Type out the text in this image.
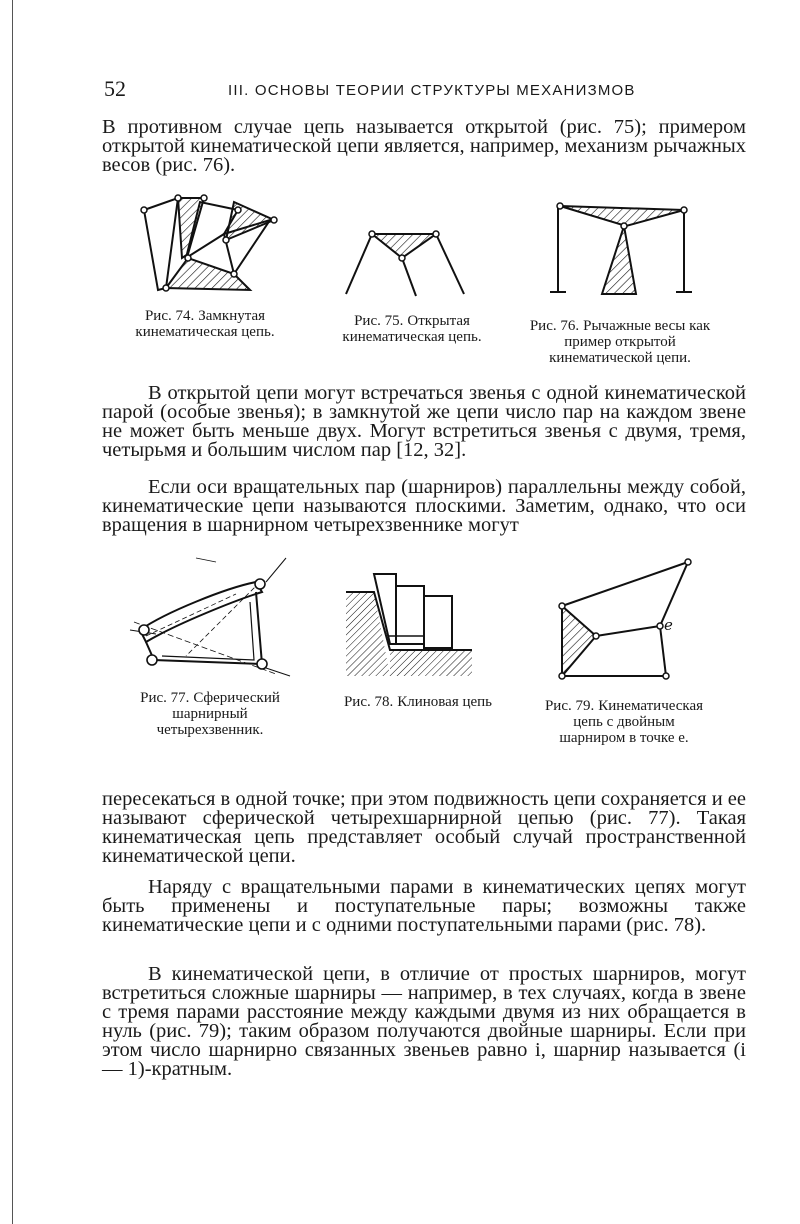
52	III. ОСНОВЫ ТЕОРИИ СТРУКТУРЫ МЕХАНИЗМОВ

В противном случае цепь называется открытой (рис. 75); примером открытой кинематической цепи является, например, механизм рычажных весов (рис. 76).

Рис. 74. Замкнутая кинематическая цепь.

Рис. 75. Открытая кинематическая цепь.

Рис. 76. Рычажные весы как пример открытой кинематической цепи.

В открытой цепи могут встречаться звенья с одной кинематической парой (особые звенья); в замкнутой же цепи число пар на каждом звене не может быть меньше двух. Могут встретиться звенья с двумя, тремя, четырьмя и большим числом пар [12, 32].

Если оси вращательных пар (шарниров) параллельны между собой, кинематические цепи называются плоскими. Заметим, однако, что оси вращения в шарнирном четырехзвеннике могут

Рис. 77. Сферический шарнирный четырехзвенник.

Рис. 78. Клиновая цепь

e

Рис. 79. Кинематическая цепь с двойным шарниром в точке e.

пересекаться в одной точке; при этом подвижность цепи сохраняется и ее называют сферической четырехшарнирной цепью (рис. 77). Такая кинематическая цепь представляет особый случай пространственной кинематической цепи.

Наряду с вращательными парами в кинематических цепях могут быть применены и поступательные пары; возможны также кинематические цепи и с одними поступательными парами (рис. 78).

В кинематической цепи, в отличие от простых шарниров, могут встретиться сложные шарниры — например, в тех случаях, когда в звене с тремя парами расстояние между каждыми двумя из них обращается в нуль (рис. 79); таким образом получаются двойные шарниры. Если при этом число шарнирно связанных звеньев равно i, шарнир называется (i — 1)-кратным.
